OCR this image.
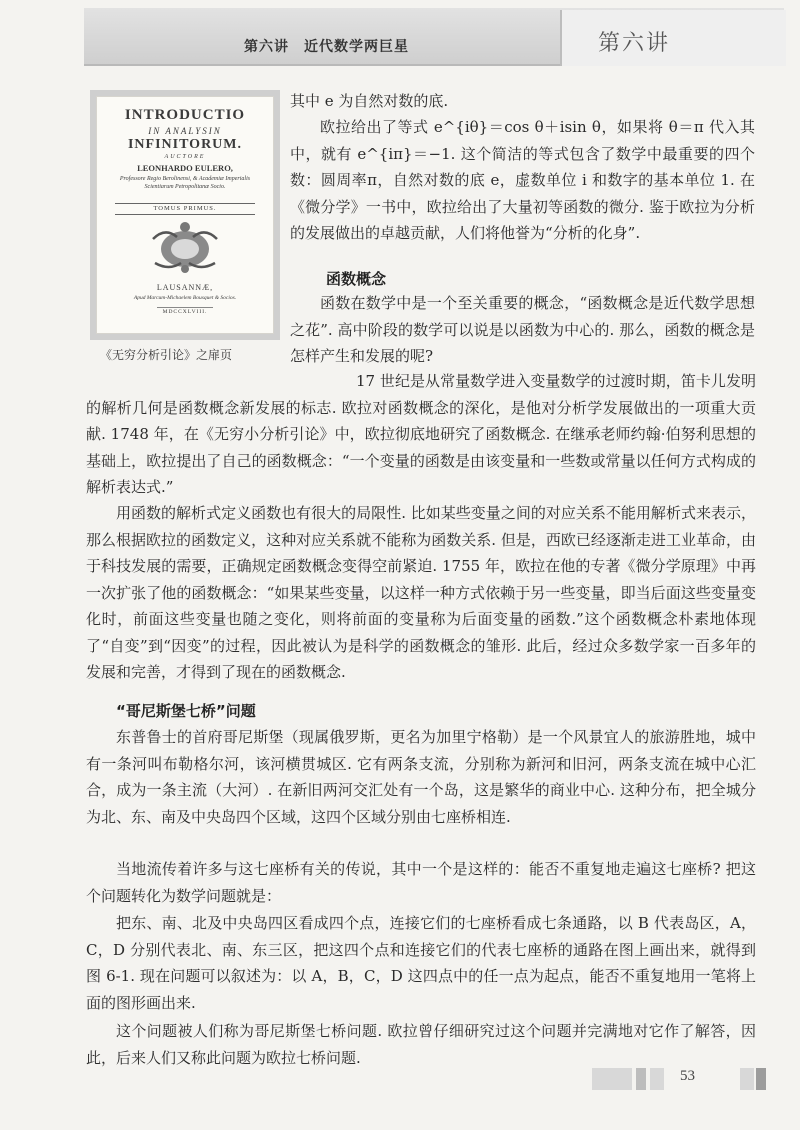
第六讲　近代数学两巨星	第六讲
INTRODUCTIO
IN ANALYSIN
INFINITORUM.
AUCTORE
LEONHARDO EULERO,
Professore Regio Berolinensi, & Academiæ Imperialis Scientiarum Petropolitanæ Socio.
TOMUS PRIMUS.
LAUSANNÆ,
Apud Marcum-Michaelem Bousquet & Socios.
MDCCXLVIII.
《无穷分析引论》之扉页

其中 e 为自然对数的底.

欧拉给出了等式 e^{iθ}＝cos θ＋isin θ，如果将 θ＝π 代入其中，就有 e^{iπ}＝−1. 这个简洁的等式包含了数学中最重要的四个数：圆周率π，自然对数的底 e，虚数单位 i 和数字的基本单位 1. 在《微分学》一书中，欧拉给出了大量初等函数的微分. 鉴于欧拉为分析的发展做出的卓越贡献，人们将他誉为“分析的化身”.

函数概念

函数在数学中是一个至关重要的概念，“函数概念是近代数学思想之花”. 高中阶段的数学可以说是以函数为中心的. 那么，函数的概念是怎样产生和发展的呢?

17 世纪是从常量数学进入变量数学的过渡时期，笛卡儿发明的解析几何是函数概念新发展的标志. 欧拉对函数概念的深化，是他对分析学发展做出的一项重大贡献. 1748 年，在《无穷小分析引论》中，欧拉彻底地研究了函数概念. 在继承老师约翰·伯努利思想的基础上，欧拉提出了自己的函数概念：“一个变量的函数是由该变量和一些数或常量以任何方式构成的解析表达式.”

用函数的解析式定义函数也有很大的局限性. 比如某些变量之间的对应关系不能用解析式来表示，那么根据欧拉的函数定义，这种对应关系就不能称为函数关系. 但是，西欧已经逐渐走进工业革命，由于科技发展的需要，正确规定函数概念变得空前紧迫. 1755 年，欧拉在他的专著《微分学原理》中再一次扩张了他的函数概念：“如果某些变量，以这样一种方式依赖于另一些变量，即当后面这些变量变化时，前面这些变量也随之变化，则将前面的变量称为后面变量的函数.”这个函数概念朴素地体现了“自变”到“因变”的过程，因此被认为是科学的函数概念的雏形. 此后，经过众多数学家一百多年的发展和完善，才得到了现在的函数概念.

“哥尼斯堡七桥”问题

东普鲁士的首府哥尼斯堡（现属俄罗斯，更名为加里宁格勒）是一个风景宜人的旅游胜地，城中有一条河叫布勒格尔河，该河横贯城区. 它有两条支流，分别称为新河和旧河，两条支流在城中心汇合，成为一条主流（大河）. 在新旧两河交汇处有一个岛，这是繁华的商业中心. 这种分布，把全城分为北、东、南及中央岛四个区域，这四个区域分别由七座桥相连.

当地流传着许多与这七座桥有关的传说，其中一个是这样的：能否不重复地走遍这七座桥? 把这个问题转化为数学问题就是：

把东、南、北及中央岛四区看成四个点，连接它们的七座桥看成七条通路，以 B 代表岛区，A，C，D 分别代表北、南、东三区，把这四个点和连接它们的代表七座桥的通路在图上画出来，就得到图 6-1. 现在问题可以叙述为：以 A，B，C，D 这四点中的任一点为起点，能否不重复地用一笔将上面的图形画出来.

这个问题被人们称为哥尼斯堡七桥问题. 欧拉曾仔细研究过这个问题并完满地对它作了解答，因此，后来人们又称此问题为欧拉七桥问题.

53
